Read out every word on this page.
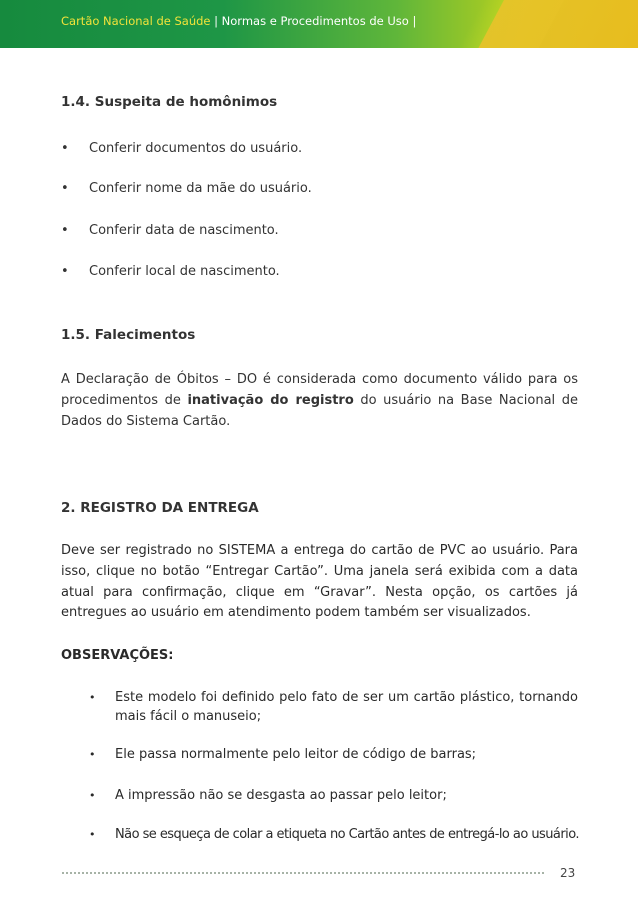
Cartão Nacional de Saúde | Normas e Procedimentos de Uso |
1.4. Suspeita de homônimos
• Conferir documentos do usuário.
• Conferir nome da mãe do usuário.
• Conferir data de nascimento.
• Conferir local de nascimento.
1.5. Falecimentos
A Declaração de Óbitos – DO é considerada como documento válido para os procedimentos de inativação do registro do usuário na Base Nacional de Dados do Sistema Cartão.
2. REGISTRO DA ENTREGA
Deve ser registrado no SISTEMA a entrega do cartão de PVC ao usuário. Para isso, clique no botão “Entregar Cartão”. Uma janela será exibida com a data atual para confirmação, clique em “Gravar”. Nesta opção, os cartões já entregues ao usuário em atendimento podem também ser visualizados.
OBSERVAÇÕES:
• Este modelo foi definido pelo fato de ser um cartão plástico, tornando mais fácil o manuseio;
• Ele passa normalmente pelo leitor de código de barras;
• A impressão não se desgasta ao passar pelo leitor;
• Não se esqueça de colar a etiqueta no Cartão antes de entregá-lo ao usuário.
23
